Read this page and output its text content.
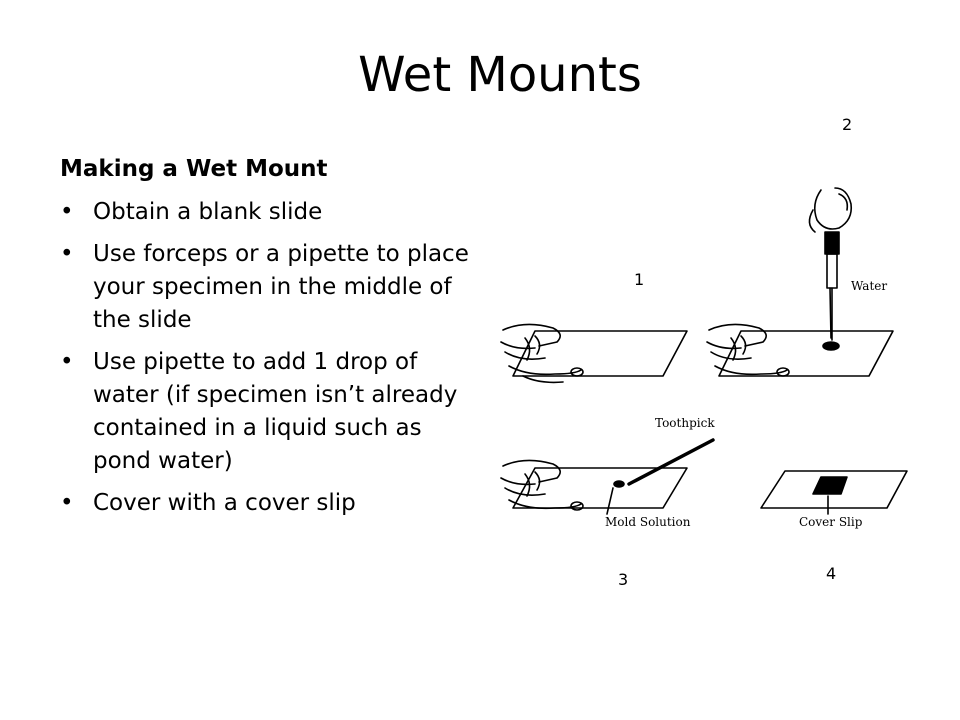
Wet Mounts
Making a Wet Mount
• Obtain a blank slide
• Use forceps or a pipette to place your specimen in the middle of the slide
• Use pipette to add 1 drop of water (if specimen isn’t already contained in a liquid such as pond water)
• Cover with a cover slip
1
2
3	4
Water
Toothpick
Mold Solution	Cover Slip
